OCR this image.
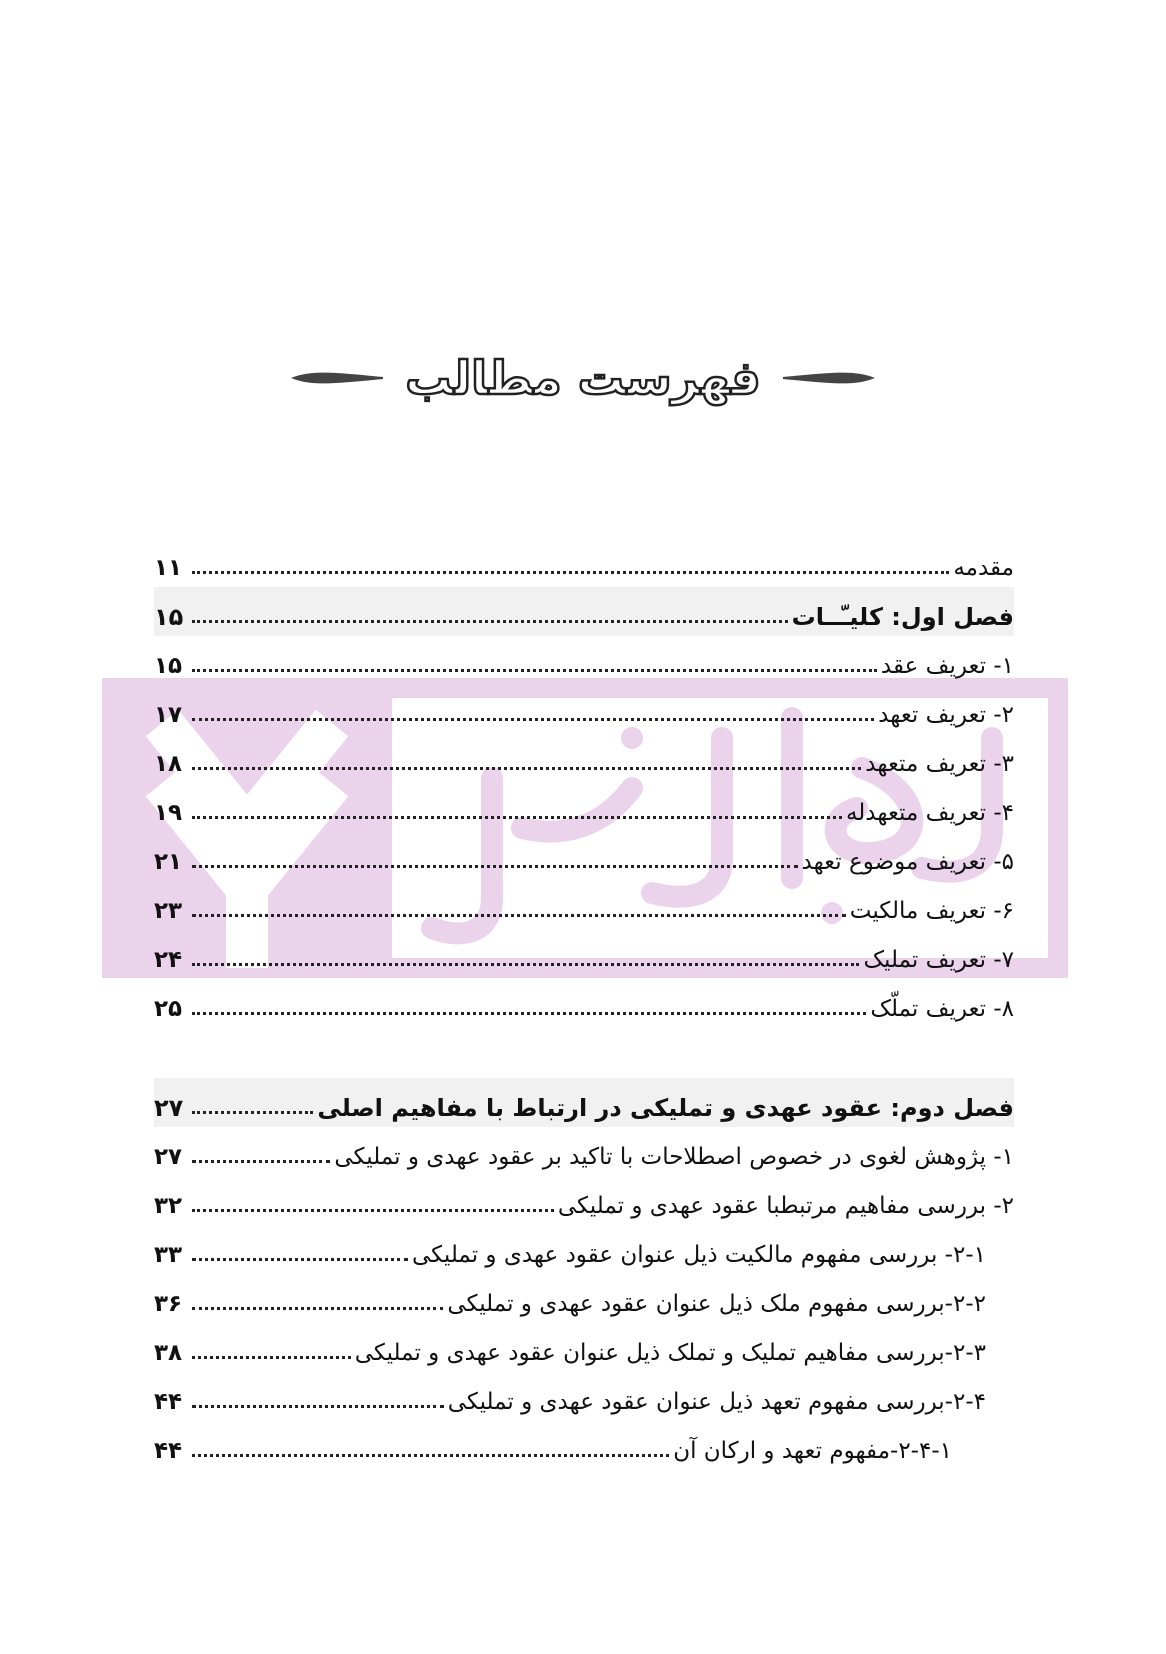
فهرست مطالب
مقدمه
۱۱
فصل اول: کلیـّــات
۱۵
۱- تعریف عقد
۱۵
۲- تعریف تعهد
۱۷
۳- تعریف متعهد
۱۸
۴- تعریف متعهدله
۱۹
۵- تعریف موضوع تعهد
۲۱
۶- تعریف مالکیت
۲۳
۷- تعریف تملیک
۲۴
۸- تعریف تملّک
۲۵
فصل دوم: عقود عهدی و تملیکی در ارتباط با مفاهیم اصلی
۲۷
۱- پژوهش لغوی در خصوص اصطلاحات با تاکید بر عقود عهدی و تملیکی
۲۷
۲- بررسی مفاهیم مرتبطبا عقود عهدی و تملیکی
۳۲
۲-۱- بررسی مفهوم مالکیت ذیل عنوان عقود عهدی و تملیکی
۳۳
۲-۲-بررسی مفهوم ملک ذیل عنوان عقود عهدی و تملیکی
۳۶
۲-۳-بررسی مفاهیم تملیک و تملک ذیل عنوان عقود عهدی و تملیکی
۳۸
۲-۴-بررسی مفهوم تعهد ذیل عنوان عقود عهدی و تملیکی
۴۴
۲-۴-۱-مفهوم تعهد و ارکان آن
۴۴
